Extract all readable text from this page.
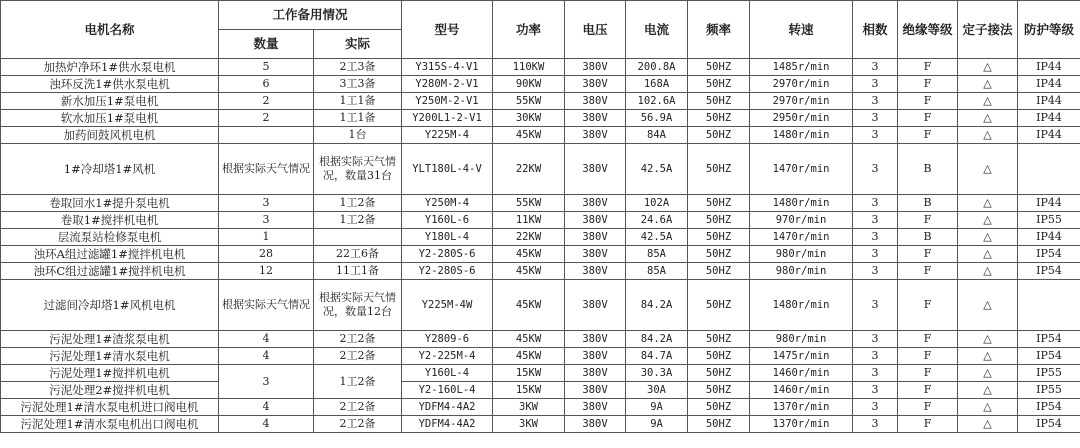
电机名称	工作备用情况		型号	功率	电压	电流	频率	转速	相数	绝缘等级	定子接法	防护等级
	数量	实际										
加热炉净环1#供水泵电机	5	2工3备	Y315S-4-V1	110KW	380V	200.8A	50HZ	1485r/min	3	F	△	IP44
浊环反洗1#供水泵电机	6	3工3备	Y280M-2-V1	90KW	380V	168A	50HZ	2970r/min	3	F	△	IP44
新水加压1#泵电机	2	1工1备	Y250M-2-V1	55KW	380V	102.6A	50HZ	2970r/min	3	F	△	IP44
软水加压1#泵电机	2	1工1备	Y200L1-2-V1	30KW	380V	56.9A	50HZ	2950r/min	3	F	△	IP44
加药间鼓风机电机		1台	Y225M-4	45KW	380V	84A	50HZ	1480r/min	3	F	△	IP44
1#冷却塔1#风机	根据实际天气情况	根据实际天气情况，数量31台	YLT180L-4-V	22KW	380V	42.5A	50HZ	1470r/min	3	B	△	
卷取回水1#提升泵电机	3	1工2备	Y250M-4	55KW	380V	102A	50HZ	1480r/min	3	B	△	IP44
卷取1#搅拌机电机	3	1工2备	Y160L-6	11KW	380V	24.6A	50HZ	970r/min	3	F	△	IP55
层流泵站检修泵电机	1		Y180L-4	22KW	380V	42.5A	50HZ	1470r/min	3	B	△	IP44
浊环A组过滤罐1#搅拌机电机	28	22工6备	Y2-280S-6	45KW	380V	85A	50HZ	980r/min	3	F	△	IP54
浊环C组过滤罐1#搅拌机电机	12	11工1备	Y2-280S-6	45KW	380V	85A	50HZ	980r/min	3	F	△	IP54
过滤间冷却塔1#风机电机	根据实际天气情况	根据实际天气情况，数量12台	Y225M-4W	45KW	380V	84.2A	50HZ	1480r/min	3	F	△	
污泥处理1#渣浆泵电机	4	2工2备	Y2809-6	45KW	380V	84.2A	50HZ	980r/min	3	F	△	IP54
污泥处理1#清水泵电机	4	2工2备	Y2-225M-4	45KW	380V	84.7A	50HZ	1475r/min	3	F	△	IP54
污泥处理1#搅拌机电机	3	1工2备	Y160L-4	15KW	380V	30.3A	50HZ	1460r/min	3	F	△	IP55
污泥处理2#搅拌机电机			Y2-160L-4	15KW	380V	30A	50HZ	1460r/min	3	F	△	IP55
污泥处理1#清水泵电机进口阀电机	4	2工2备	YDFM4-4A2	3KW	380V	9A	50HZ	1370r/min	3	F	△	IP54
污泥处理1#清水泵电机出口阀电机	4	2工2备	YDFM4-4A2	3KW	380V	9A	50HZ	1370r/min	3	F	△	IP54
